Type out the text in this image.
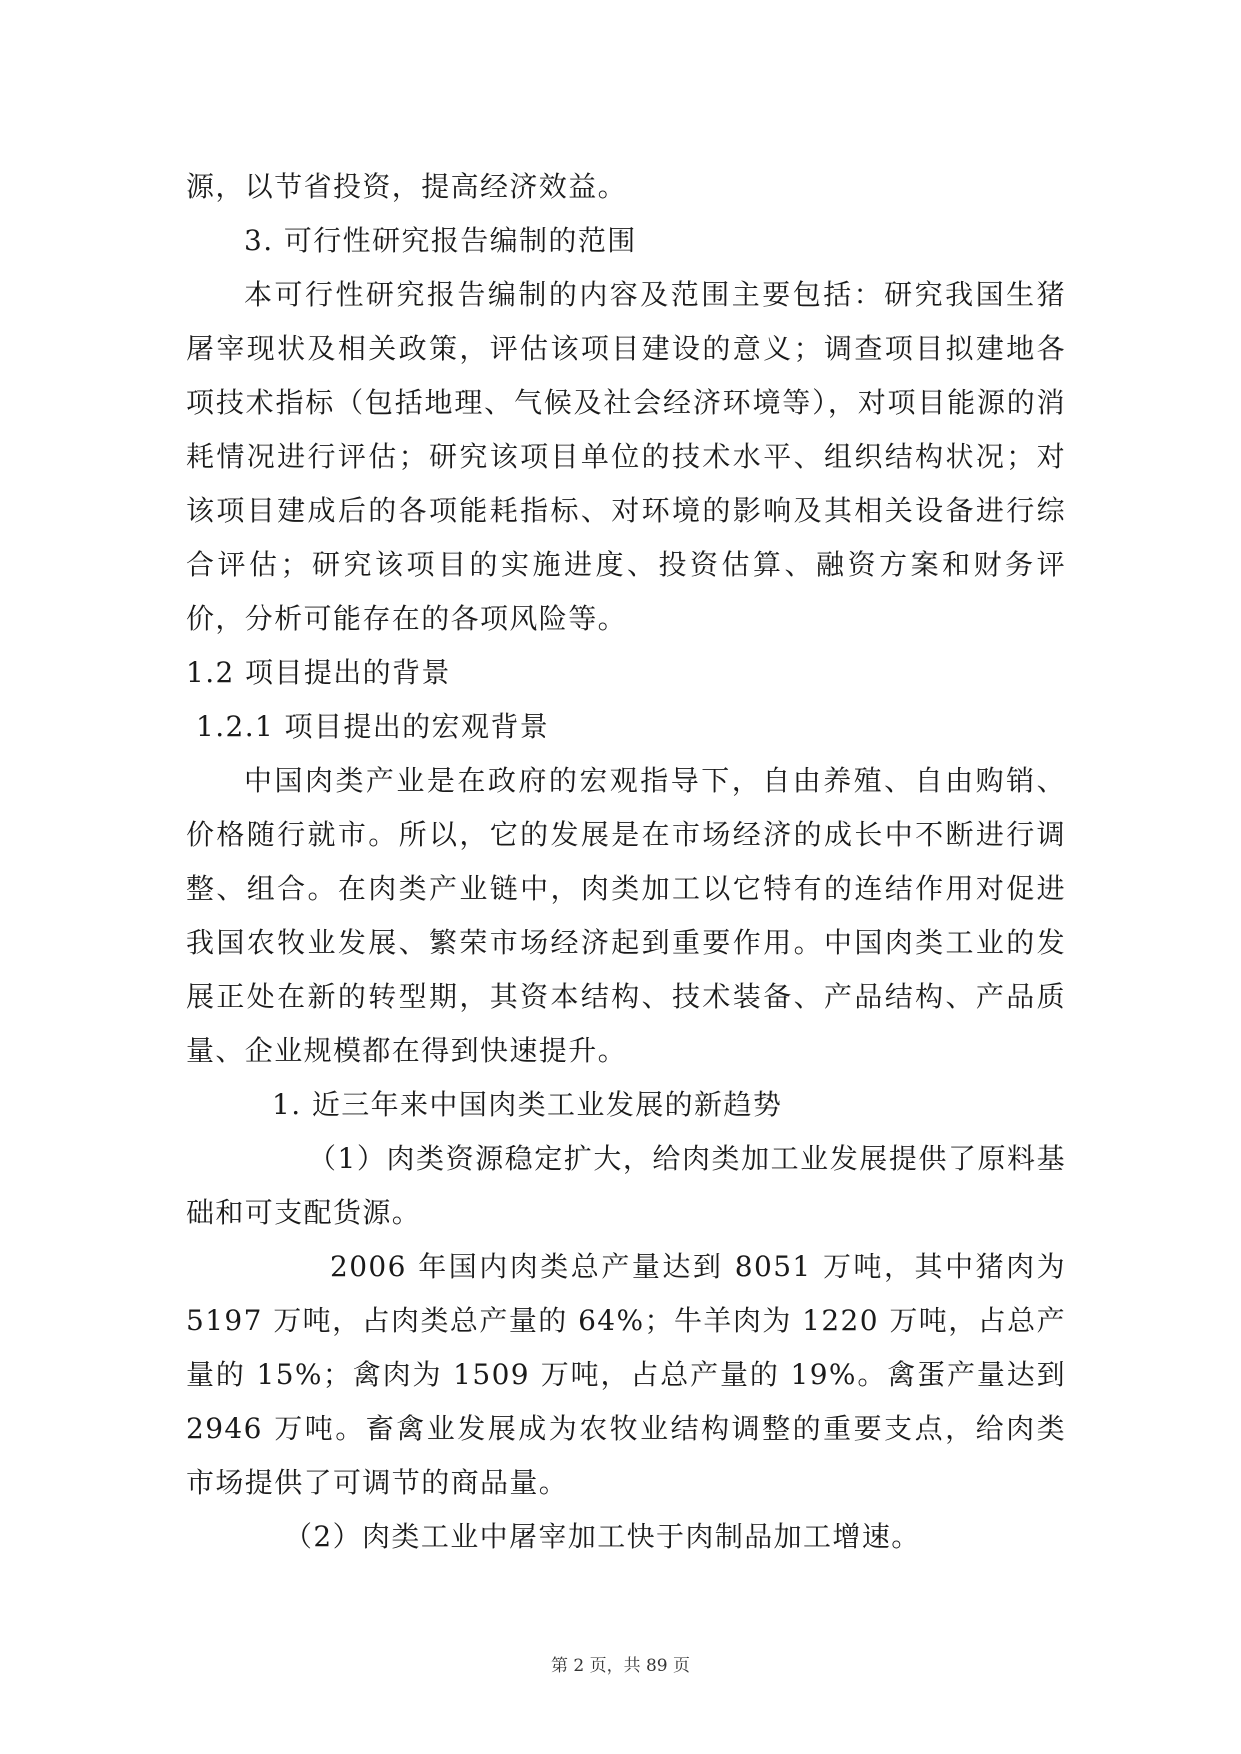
源，以节省投资，提高经济效益。

3. 可行性研究报告编制的范围

本可行性研究报告编制的内容及范围主要包括：研究我国生猪屠宰现状及相关政策，评估该项目建设的意义；调查项目拟建地各项技术指标（包括地理、气候及社会经济环境等），对项目能源的消耗情况进行评估；研究该项目单位的技术水平、组织结构状况；对该项目建成后的各项能耗指标、对环境的影响及其相关设备进行综合评估；研究该项目的实施进度、投资估算、融资方案和财务评价，分析可能存在的各项风险等。

1.2 项目提出的背景

1.2.1 项目提出的宏观背景

中国肉类产业是在政府的宏观指导下，自由养殖、自由购销、价格随行就市。所以，它的发展是在市场经济的成长中不断进行调整、组合。在肉类产业链中，肉类加工以它特有的连结作用对促进我国农牧业发展、繁荣市场经济起到重要作用。中国肉类工业的发展正处在新的转型期，其资本结构、技术装备、产品结构、产品质量、企业规模都在得到快速提升。

1. 近三年来中国肉类工业发展的新趋势

（1）肉类资源稳定扩大，给肉类加工业发展提供了原料基础和可支配货源。

2006 年国内肉类总产量达到 8051 万吨，其中猪肉为 5197 万吨，占肉类总产量的 64%；牛羊肉为 1220 万吨，占总产量的 15%；禽肉为 1509 万吨，占总产量的 19%。禽蛋产量达到 2946 万吨。畜禽业发展成为农牧业结构调整的重要支点，给肉类市场提供了可调节的商品量。

（2）肉类工业中屠宰加工快于肉制品加工增速。

第 2 页，共 89 页
